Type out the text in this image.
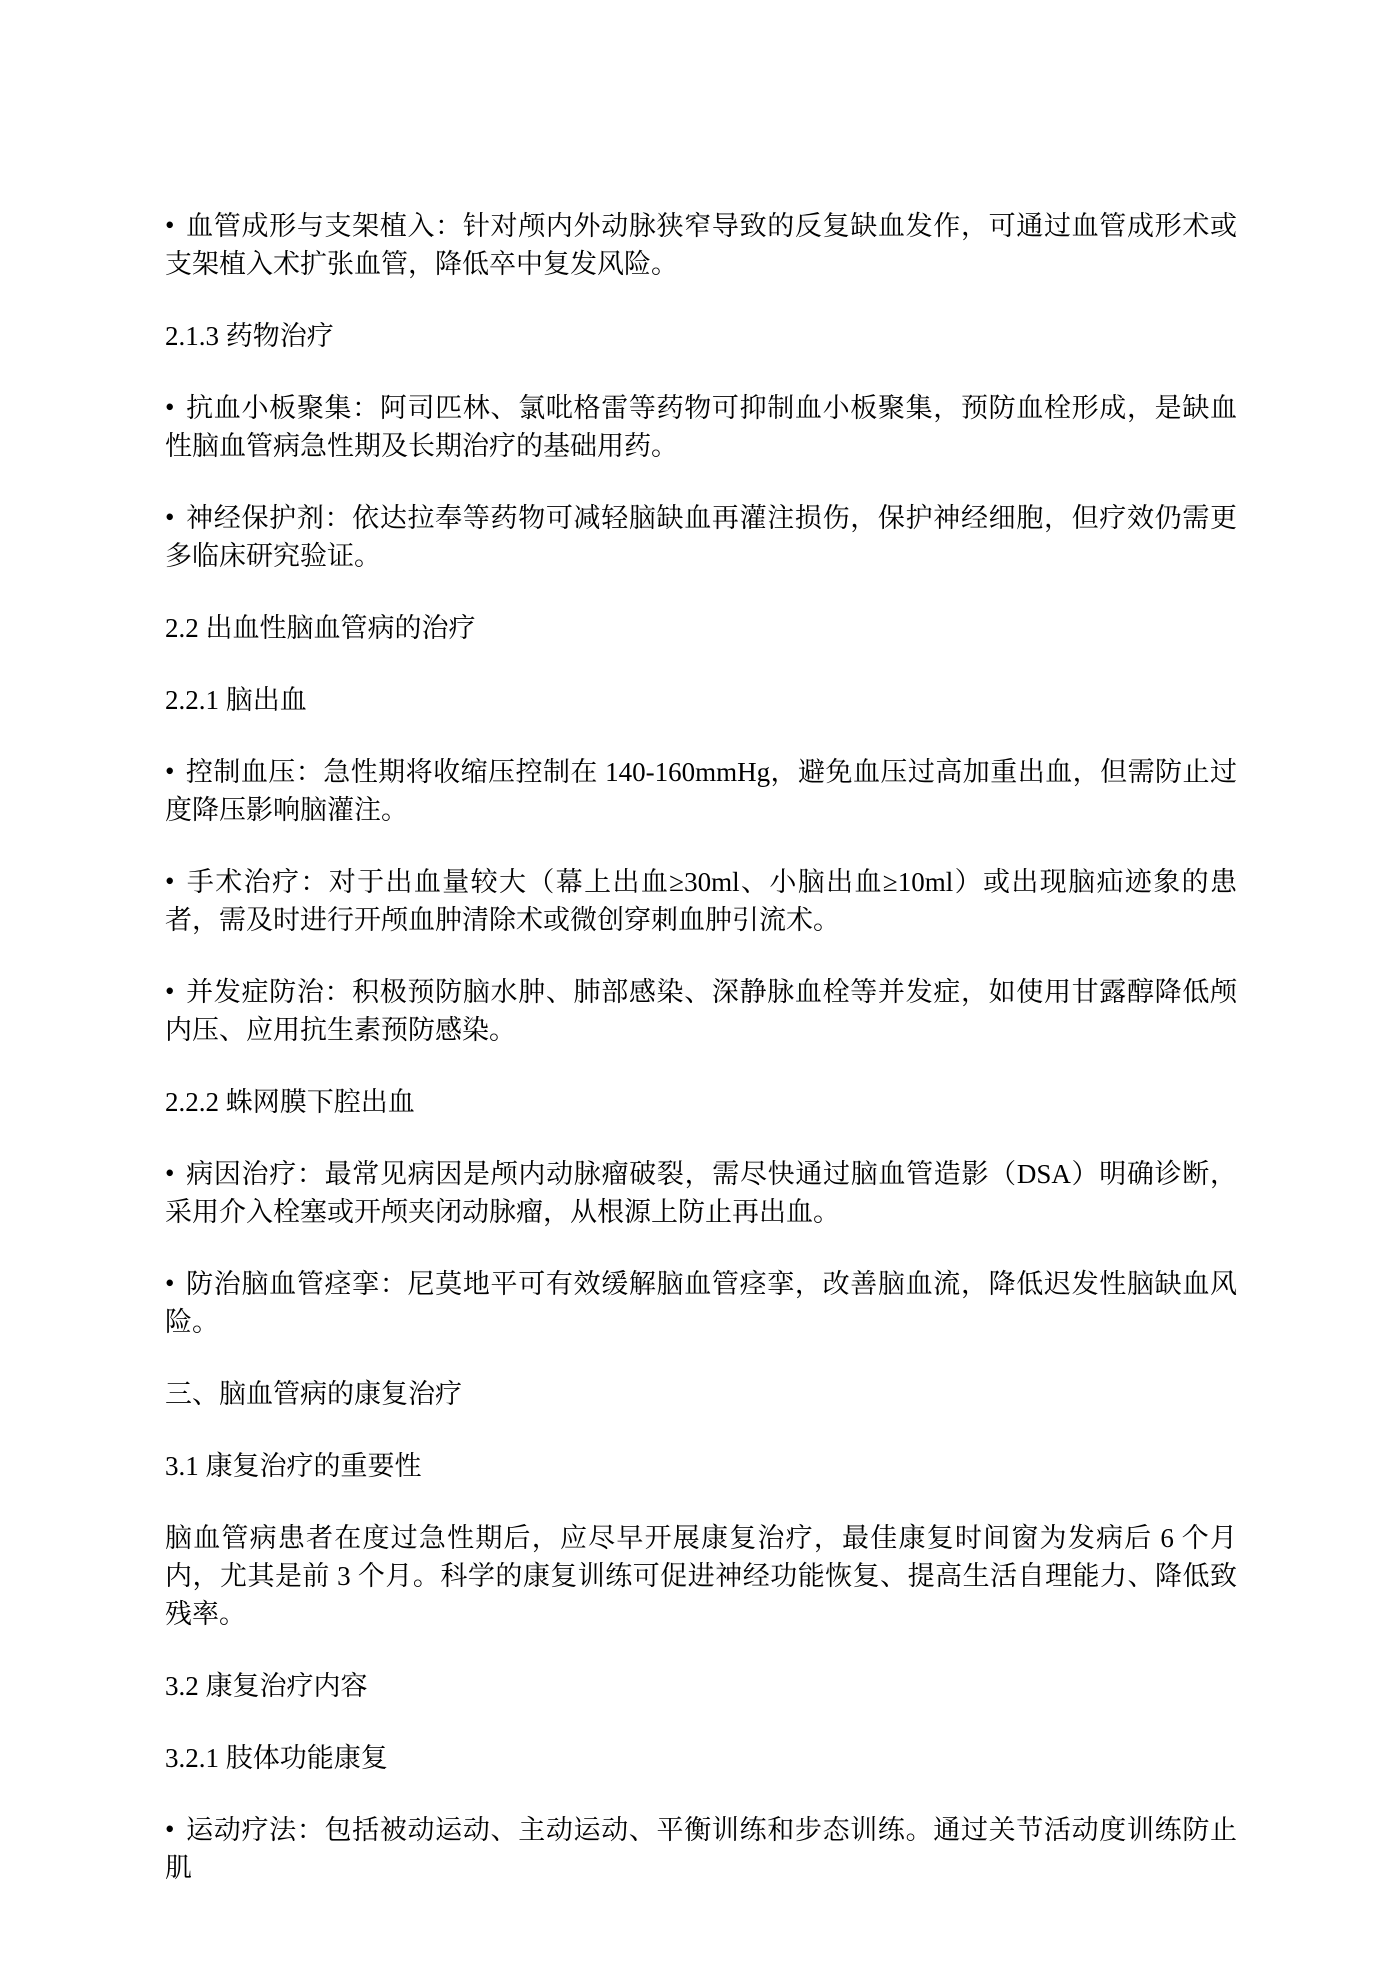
• 血管成形与支架植入：针对颅内外动脉狭窄导致的反复缺血发作，可通过血管成形术或支架植入术扩张血管，降低卒中复发风险。

2.1.3 药物治疗

• 抗血小板聚集：阿司匹林、氯吡格雷等药物可抑制血小板聚集，预防血栓形成，是缺血性脑血管病急性期及长期治疗的基础用药。

• 神经保护剂：依达拉奉等药物可减轻脑缺血再灌注损伤，保护神经细胞，但疗效仍需更多临床研究验证。

2.2 出血性脑血管病的治疗

2.2.1 脑出血

• 控制血压：急性期将收缩压控制在 140-160mmHg，避免血压过高加重出血，但需防止过度降压影响脑灌注。

• 手术治疗：对于出血量较大（幕上出血≥30ml、小脑出血≥10ml）或出现脑疝迹象的患者，需及时进行开颅血肿清除术或微创穿刺血肿引流术。

• 并发症防治：积极预防脑水肿、肺部感染、深静脉血栓等并发症，如使用甘露醇降低颅内压、应用抗生素预防感染。

2.2.2 蛛网膜下腔出血

• 病因治疗：最常见病因是颅内动脉瘤破裂，需尽快通过脑血管造影（DSA）明确诊断，采用介入栓塞或开颅夹闭动脉瘤，从根源上防止再出血。

• 防治脑血管痉挛：尼莫地平可有效缓解脑血管痉挛，改善脑血流，降低迟发性脑缺血风险。

三、脑血管病的康复治疗

3.1 康复治疗的重要性

脑血管病患者在度过急性期后，应尽早开展康复治疗，最佳康复时间窗为发病后 6 个月内，尤其是前 3 个月。科学的康复训练可促进神经功能恢复、提高生活自理能力、降低致残率。

3.2 康复治疗内容

3.2.1 肢体功能康复

• 运动疗法：包括被动运动、主动运动、平衡训练和步态训练。通过关节活动度训练防止肌
